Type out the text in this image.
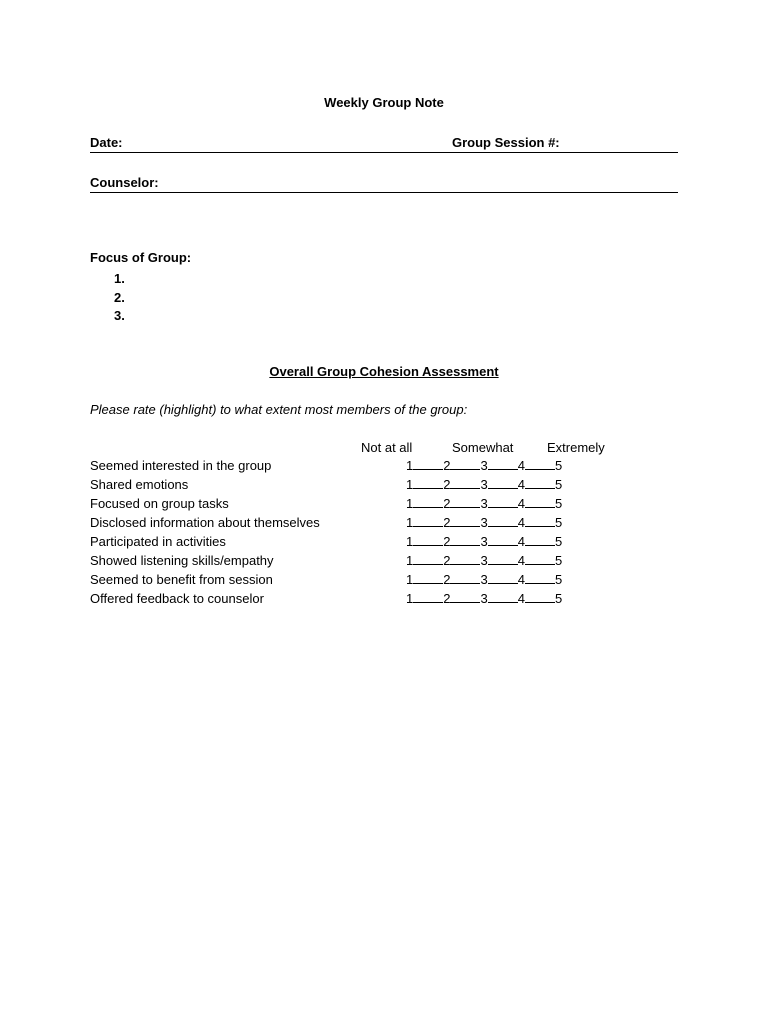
Weekly Group Note
Date:	Group Session #:
Counselor:
Focus of Group:
1.
2.
3.
Overall Group Cohesion Assessment
Please rate (highlight) to what extent most members of the group:
Not at all	Somewhat	Extremely
Seemed interested in the group	1 2 3 4 5
Shared emotions	1 2 3 4 5
Focused on group tasks	1 2 3 4 5
Disclosed information about themselves	1 2 3 4 5
Participated in activities	1 2 3 4 5
Showed listening skills/empathy	1 2 3 4 5
Seemed to benefit from session	1 2 3 4 5
Offered feedback to counselor	1 2 3 4 5
